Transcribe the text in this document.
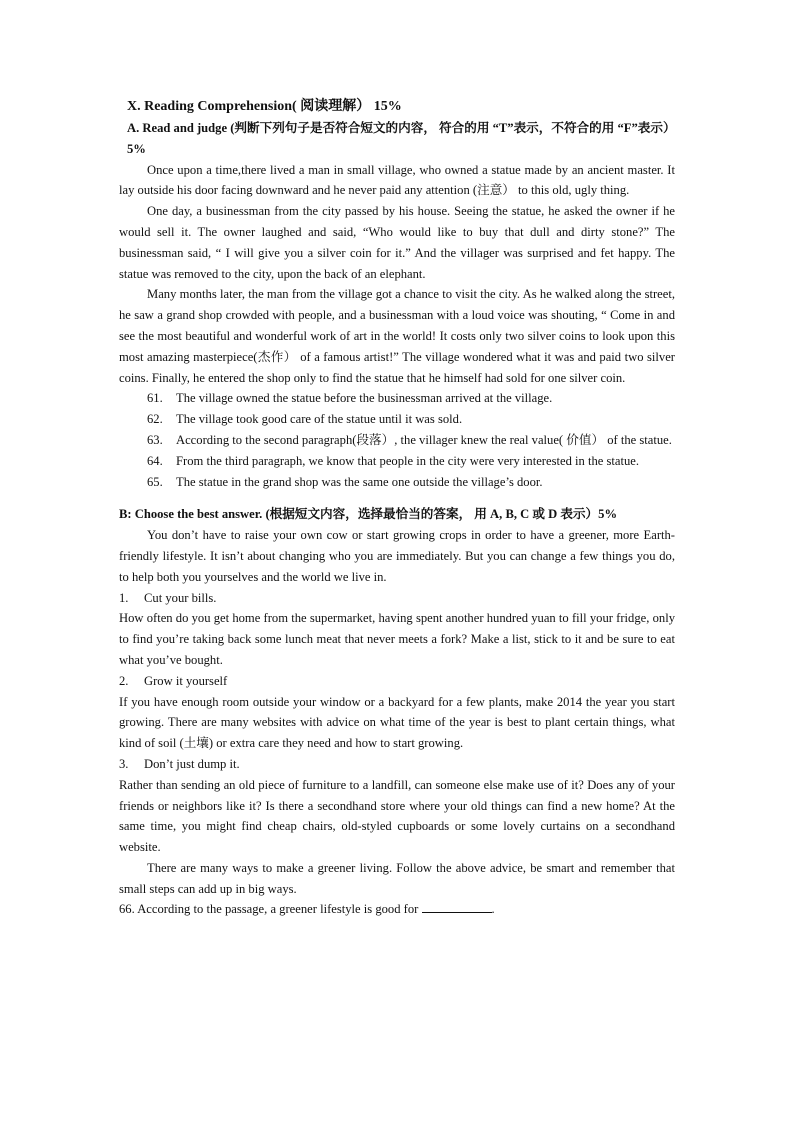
X. Reading Comprehension( 阅读理解） 15%
A. Read and judge (判断下列句子是否符合短文的内容， 符合的用 “T”表示，不符合的用 “F”表示）5%

Once upon a time,there lived a man in small village, who owned a statue made by an ancient master. It lay outside his door facing downward and he never paid any attention (注意） to this old, ugly thing.

One day, a businessman from the city passed by his house. Seeing the statue, he asked the owner if he would sell it. The owner laughed and said, “Who would like to buy that dull and dirty stone?” The businessman said, “ I will give you a silver coin for it.” And the villager was surprised and fet happy. The statue was removed to the city, upon the back of an elephant.

Many months later, the man from the village got a chance to visit the city. As he walked along the street, he saw a grand shop crowded with people, and a businessman with a loud voice was shouting, “ Come in and see the most beautiful and wonderful work of art in the world! It costs only two silver coins to look upon this most amazing masterpiece(杰作） of a famous artist!” The village wondered what it was and paid two silver coins. Finally, he entered the shop only to find the statue that he himself had sold for one silver coin.

61.	The village owned the statue before the businessman arrived at the village.
62.	The village took good care of the statue until it was sold.
63.	According to the second paragraph(段落）, the villager knew the real value( 价值） of the statue.
64.	From the third paragraph, we know that people in the city were very interested in the statue.
65.	The statue in the grand shop was the same one outside the village’s door.
B: Choose the best answer. (根据短文内容，选择最恰当的答案， 用 A, B, C 或 D 表示）5%

You don’t have to raise your own cow or start growing crops in order to have a greener, more Earth-friendly lifestyle. It isn’t about changing who you are immediately. But you can change a few things you do, to help both you yourselves and the world we live in.

1.	Cut your bills.

How often do you get home from the supermarket, having spent another hundred yuan to fill your fridge, only to find you’re taking back some lunch meat that never meets a fork? Make a list, stick to it and be sure to eat what you’ve bought.

2.	Grow it yourself

If you have enough room outside your window or a backyard for a few plants, make 2014 the year you start growing. There are many websites with advice on what time of the year is best to plant certain things, what kind of soil (土壤) or extra care they need and how to start growing.

3.	Don’t just dump it.

Rather than sending an old piece of furniture to a landfill, can someone else make use of it? Does any of your friends or neighbors like it? Is there a secondhand store where your old things can find a new home? At the same time, you might find cheap chairs, old-styled cupboards or some lovely curtains on a secondhand website.

There are many ways to make a greener living. Follow the above advice, be smart and remember that small steps can add up in big ways.

66. According to the passage, a greener lifestyle is good for	.
